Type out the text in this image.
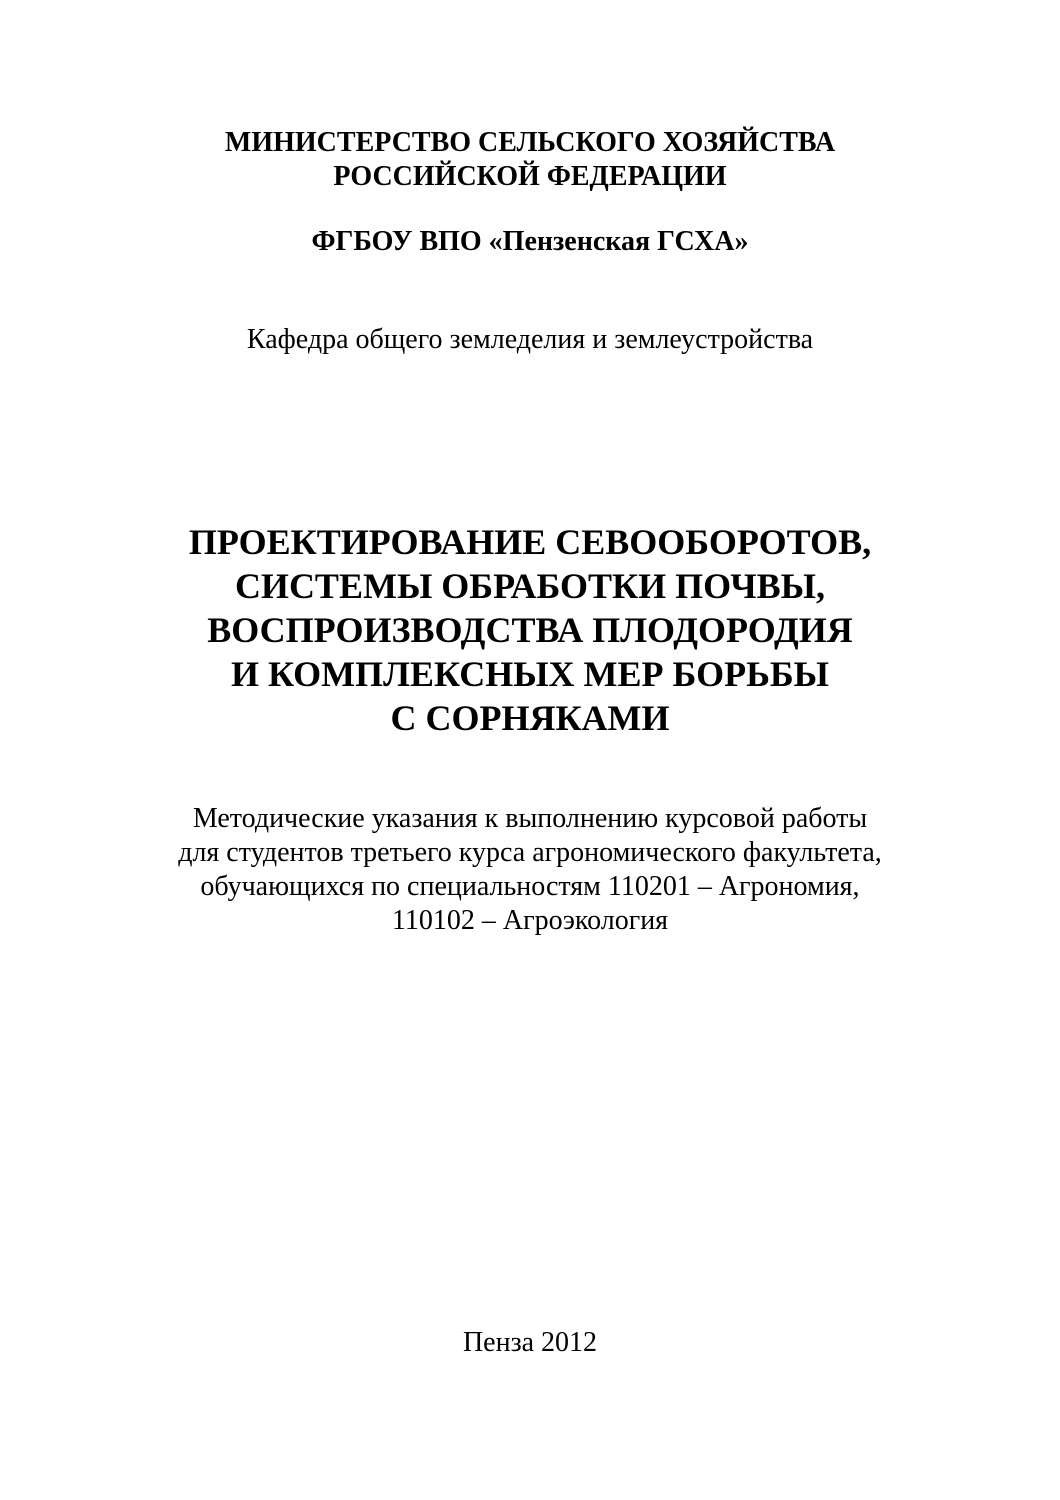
МИНИСТЕРСТВО СЕЛЬСКОГО ХОЗЯЙСТВА
РОССИЙСКОЙ ФЕДЕРАЦИИ
ФГБОУ ВПО «Пензенская ГСХА»
Кафедра общего земледелия и землеустройства
ПРОЕКТИРОВАНИЕ СЕВООБОРОТОВ,
СИСТЕМЫ ОБРАБОТКИ ПОЧВЫ,
ВОСПРОИЗВОДСТВА ПЛОДОРОДИЯ
И КОМПЛЕКСНЫХ МЕР БОРЬБЫ
С СОРНЯКАМИ
Методические указания к выполнению курсовой работы
для студентов третьего курса агрономического факультета,
обучающихся по специальностям 110201 – Агрономия,
110102 – Агроэкология
Пенза 2012
